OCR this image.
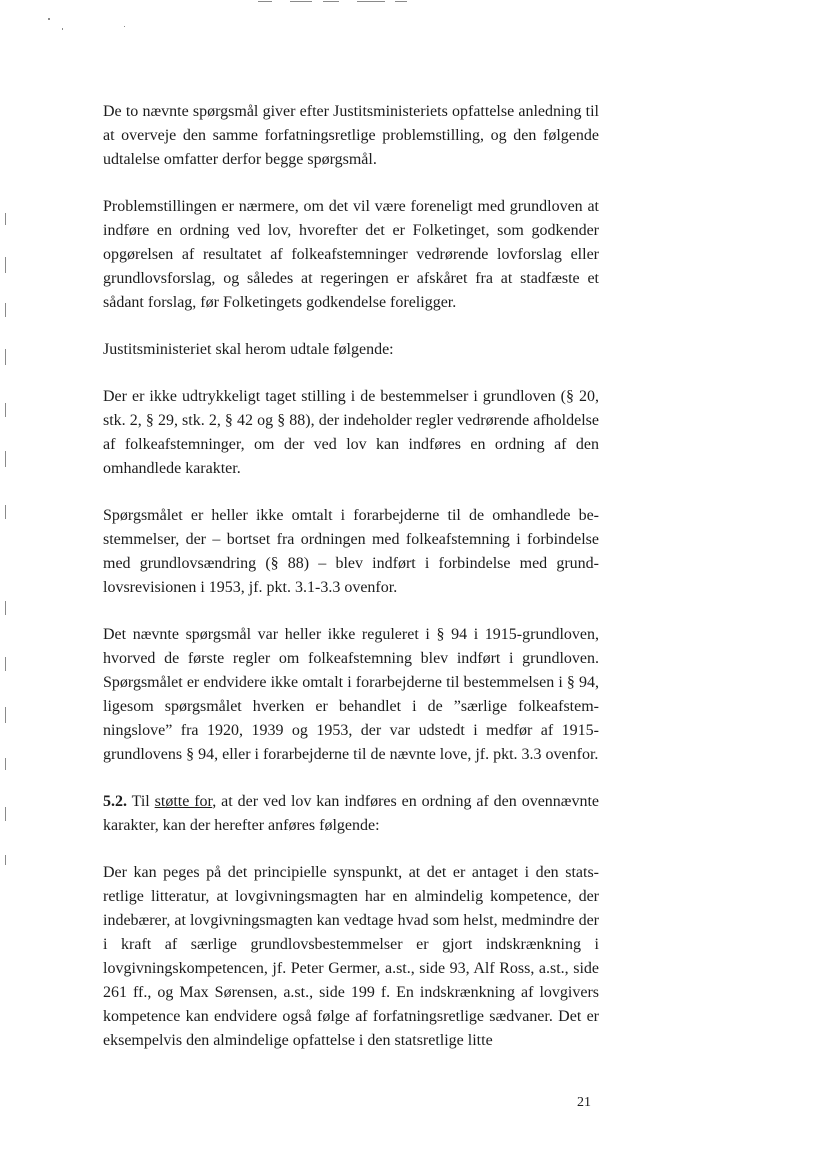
De to nævnte spørgsmål giver efter Justitsministeriets opfattelse anledning til at overveje den samme forfatningsretlige problemstilling, og den følgende udtalelse omfatter derfor begge spørgsmål.

Problemstillingen er nærmere, om det vil være foreneligt med grundloven at indføre en ordning ved lov, hvorefter det er Folketinget, som godkender opgørelsen af resultatet af folkeafstemninger vedrørende lovforslag eller grundlovsforslag, og således at regeringen er afskåret fra at stadfæste et sådant forslag, før Folketingets godkendelse foreligger.

Justitsministeriet skal herom udtale følgende:

Der er ikke udtrykkeligt taget stilling i de bestemmelser i grundloven (§ 20, stk. 2, § 29, stk. 2, § 42 og § 88), der indeholder regler vedrørende afholdelse af folkeafstemninger, om der ved lov kan indføres en ordning af den omhandlede karakter.

Spørgsmålet er heller ikke omtalt i forarbejderne til de omhandlede bestemmelser, der – bortset fra ordningen med folkeafstemning i forbindelse med grundlovsændring (§ 88) – blev indført i forbindelse med grundlovsrevisionen i 1953, jf. pkt. 3.1-3.3 ovenfor.

Det nævnte spørgsmål var heller ikke reguleret i § 94 i 1915-grundloven, hvorved de første regler om folkeafstemning blev indført i grundloven. Spørgsmålet er endvidere ikke omtalt i forarbejderne til bestemmelsen i § 94, ligesom spørgsmålet hverken er behandlet i de ”særlige folkeafstemningslove” fra 1920, 1939 og 1953, der var udstedt i medfør af 1915-grundlovens § 94, eller i forarbejderne til de nævnte love, jf. pkt. 3.3 ovenfor.

5.2. Til støtte for, at der ved lov kan indføres en ordning af den ovennævnte karakter, kan der herefter anføres følgende:

Der kan peges på det principielle synspunkt, at det er antaget i den statsretlige litteratur, at lovgivningsmagten har en almindelig kompetence, der indebærer, at lovgivningsmagten kan vedtage hvad som helst, medmindre der i kraft af særlige grundlovsbestemmelser er gjort indskrænkning i lovgivningskompetencen, jf. Peter Germer, a.st., side 93, Alf Ross, a.st., side 261 ff., og Max Sørensen, a.st., side 199 f. En indskrænkning af lovgivers kompetence kan endvidere også følge af forfatningsretlige sædvaner. Det er eksempelvis den almindelige opfattelse i den statsretlige litte

21
